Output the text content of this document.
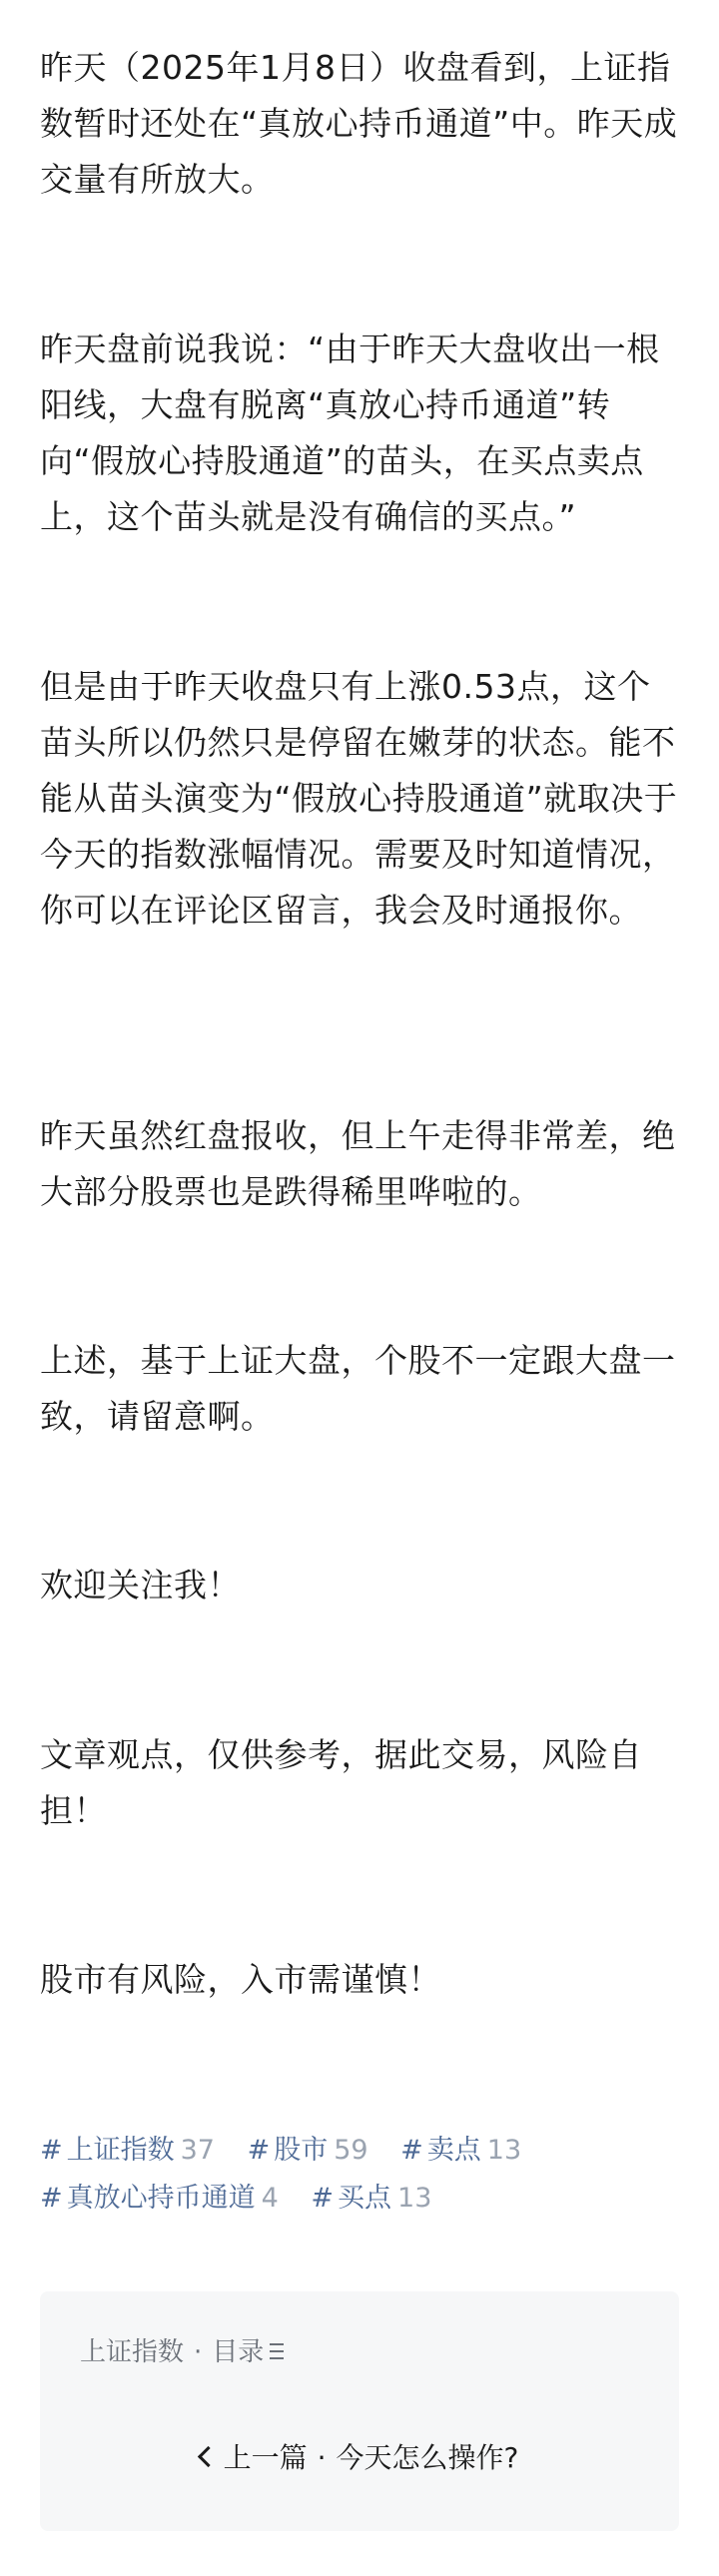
昨天（2025年1月8日）收盘看到，上证指数暂时还处在“真放心持币通道”中。昨天成交量有所放大。

昨天盘前说我说：“由于昨天大盘收出一根阳线，大盘有脱离“真放心持币通道”转向“假放心持股通道”的苗头，在买点卖点上，这个苗头就是没有确信的买点。”

但是由于昨天收盘只有上涨0.53点，这个苗头所以仍然只是停留在嫩芽的状态。能不能从苗头演变为“假放心持股通道”就取决于今天的指数涨幅情况。需要及时知道情况，你可以在评论区留言，我会及时通报你。

昨天虽然红盘报收，但上午走得非常差，绝大部分股票也是跌得稀里哗啦的。

上述，基于上证大盘，个股不一定跟大盘一致，请留意啊。

欢迎关注我！

文章观点，仅供参考，据此交易，风险自担！

股市有风险，入市需谨慎！

# 上证指数 37 # 股市 59 # 卖点 13
# 真放心持币通道 4 # 买点 13
上证指数 · 目录
上一篇 · 今天怎么操作?
